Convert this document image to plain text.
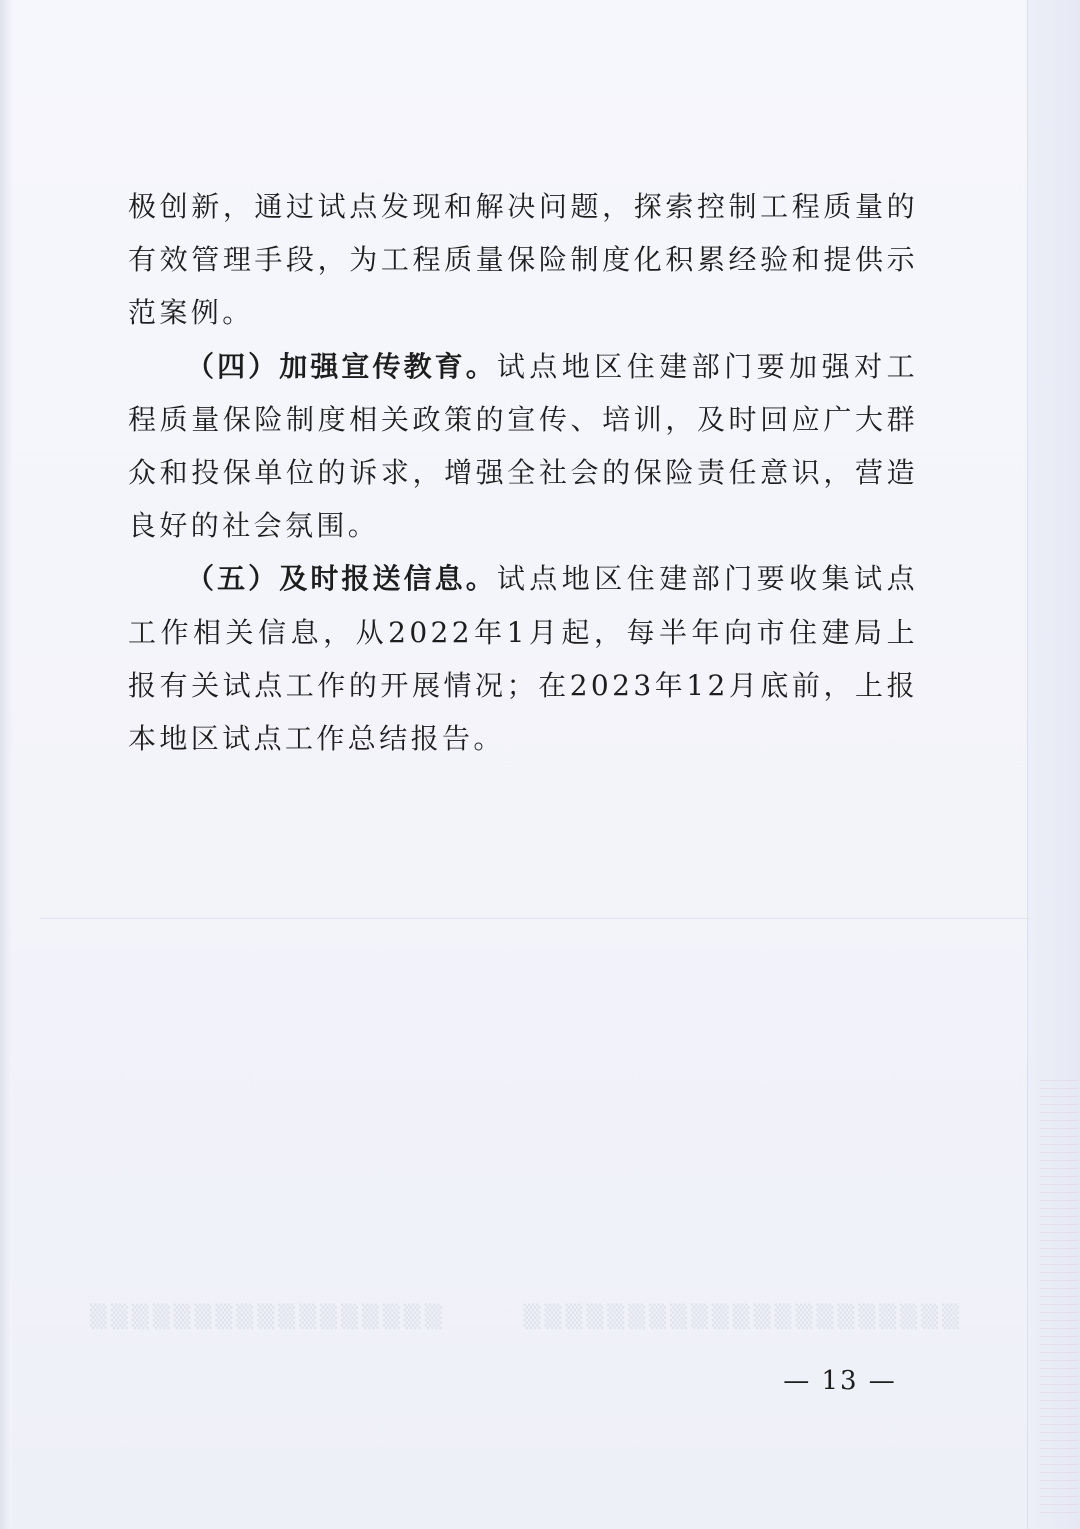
极创新，通过试点发现和解决问题，探索控制工程质量的有效管理手段，为工程质量保险制度化积累经验和提供示范案例。

（四）加强宣传教育。试点地区住建部门要加强对工程质量保险制度相关政策的宣传、培训，及时回应广大群众和投保单位的诉求，增强全社会的保险责任意识，营造良好的社会氛围。

（五）及时报送信息。试点地区住建部门要收集试点工作相关信息，从2022年1月起，每半年向市住建局上报有关试点工作的开展情况；在2023年12月底前，上报本地区试点工作总结报告。

▒▒▒▒▒▒▒▒▒▒▒▒▒▒▒▒▒　　　▒▒▒▒▒▒▒▒▒▒▒▒▒▒▒▒▒▒▒▒▒
— 13 —
